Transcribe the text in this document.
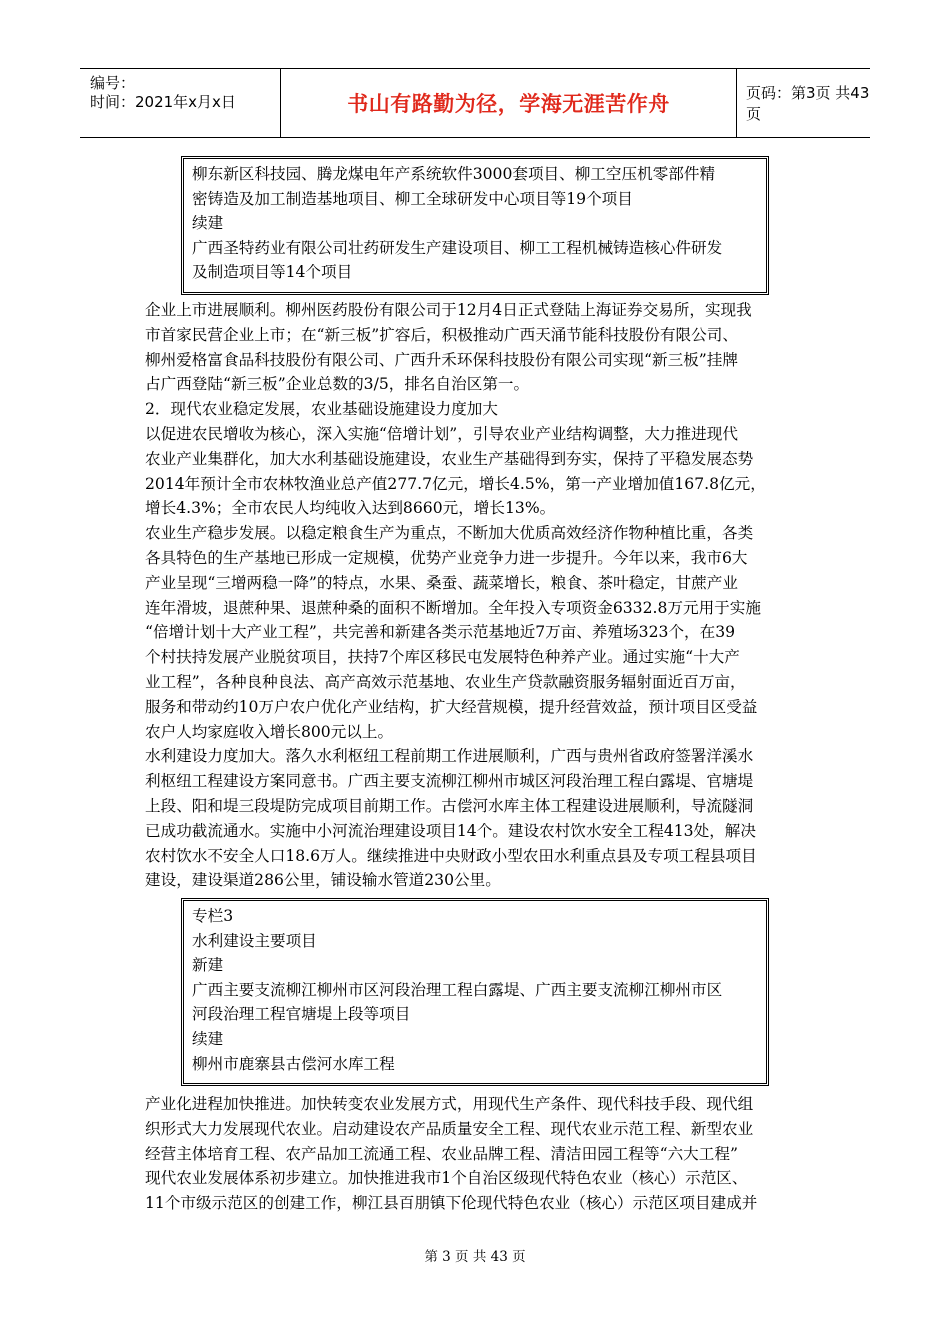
编号：
时间：2021年x月x日	书山有路勤为径，学海无涯苦作舟	页码：第3页 共43页
柳东新区科技园、腾龙煤电年产系统软件3000套项目、柳工空压机零部件精
密铸造及加工制造基地项目、柳工全球研发中心项目等19个项目
续建
广西圣特药业有限公司壮药研发生产建设项目、柳工工程机械铸造核心件研发
及制造项目等14个项目
企业上市进展顺利。柳州医药股份有限公司于12月4日正式登陆上海证券交易所，实现我
市首家民营企业上市；在“新三板”扩容后，积极推动广西天涌节能科技股份有限公司、
柳州爱格富食品科技股份有限公司、广西升禾环保科技股份有限公司实现“新三板”挂牌
占广西登陆“新三板”企业总数的3/5，排名自治区第一。
2．现代农业稳定发展，农业基础设施建设力度加大
以促进农民增收为核心，深入实施“倍增计划”，引导农业产业结构调整，大力推进现代
农业产业集群化，加大水利基础设施建设，农业生产基础得到夯实，保持了平稳发展态势
2014年预计全市农林牧渔业总产值277.7亿元，增长4.5%，第一产业增加值167.8亿元，
增长4.3%；全市农民人均纯收入达到8660元，增长13%。
农业生产稳步发展。以稳定粮食生产为重点，不断加大优质高效经济作物种植比重，各类
各具特色的生产基地已形成一定规模，优势产业竞争力进一步提升。今年以来，我市6大
产业呈现“三增两稳一降”的特点，水果、桑蚕、蔬菜增长，粮食、茶叶稳定，甘蔗产业
连年滑坡，退蔗种果、退蔗种桑的面积不断增加。全年投入专项资金6332.8万元用于实施
“倍增计划十大产业工程”，共完善和新建各类示范基地近7万亩、养殖场323个，在39
个村扶持发展产业脱贫项目，扶持7个库区移民屯发展特色种养产业。通过实施“十大产
业工程”，各种良种良法、高产高效示范基地、农业生产贷款融资服务辐射面近百万亩，
服务和带动约10万户农户优化产业结构，扩大经营规模，提升经营效益，预计项目区受益
农户人均家庭收入增长800元以上。
水利建设力度加大。落久水利枢纽工程前期工作进展顺利，广西与贵州省政府签署洋溪水
利枢纽工程建设方案同意书。广西主要支流柳江柳州市城区河段治理工程白露堤、官塘堤
上段、阳和堤三段堤防完成项目前期工作。古偿河水库主体工程建设进展顺利，导流隧洞
已成功截流通水。实施中小河流治理建设项目14个。建设农村饮水安全工程413处，解决
农村饮水不安全人口18.6万人。继续推进中央财政小型农田水利重点县及专项工程县项目
建设，建设渠道286公里，铺设输水管道230公里。
专栏3
水利建设主要项目
新建
广西主要支流柳江柳州市区河段治理工程白露堤、广西主要支流柳江柳州市区
河段治理工程官塘堤上段等项目
续建
柳州市鹿寨县古偿河水库工程
产业化进程加快推进。加快转变农业发展方式，用现代生产条件、现代科技手段、现代组
织形式大力发展现代农业。启动建设农产品质量安全工程、现代农业示范工程、新型农业
经营主体培育工程、农产品加工流通工程、农业品牌工程、清洁田园工程等“六大工程”
现代农业发展体系初步建立。加快推进我市1个自治区级现代特色农业（核心）示范区、
11个市级示范区的创建工作，柳江县百朋镇下伦现代特色农业（核心）示范区项目建成并
第 3 页 共 43 页
